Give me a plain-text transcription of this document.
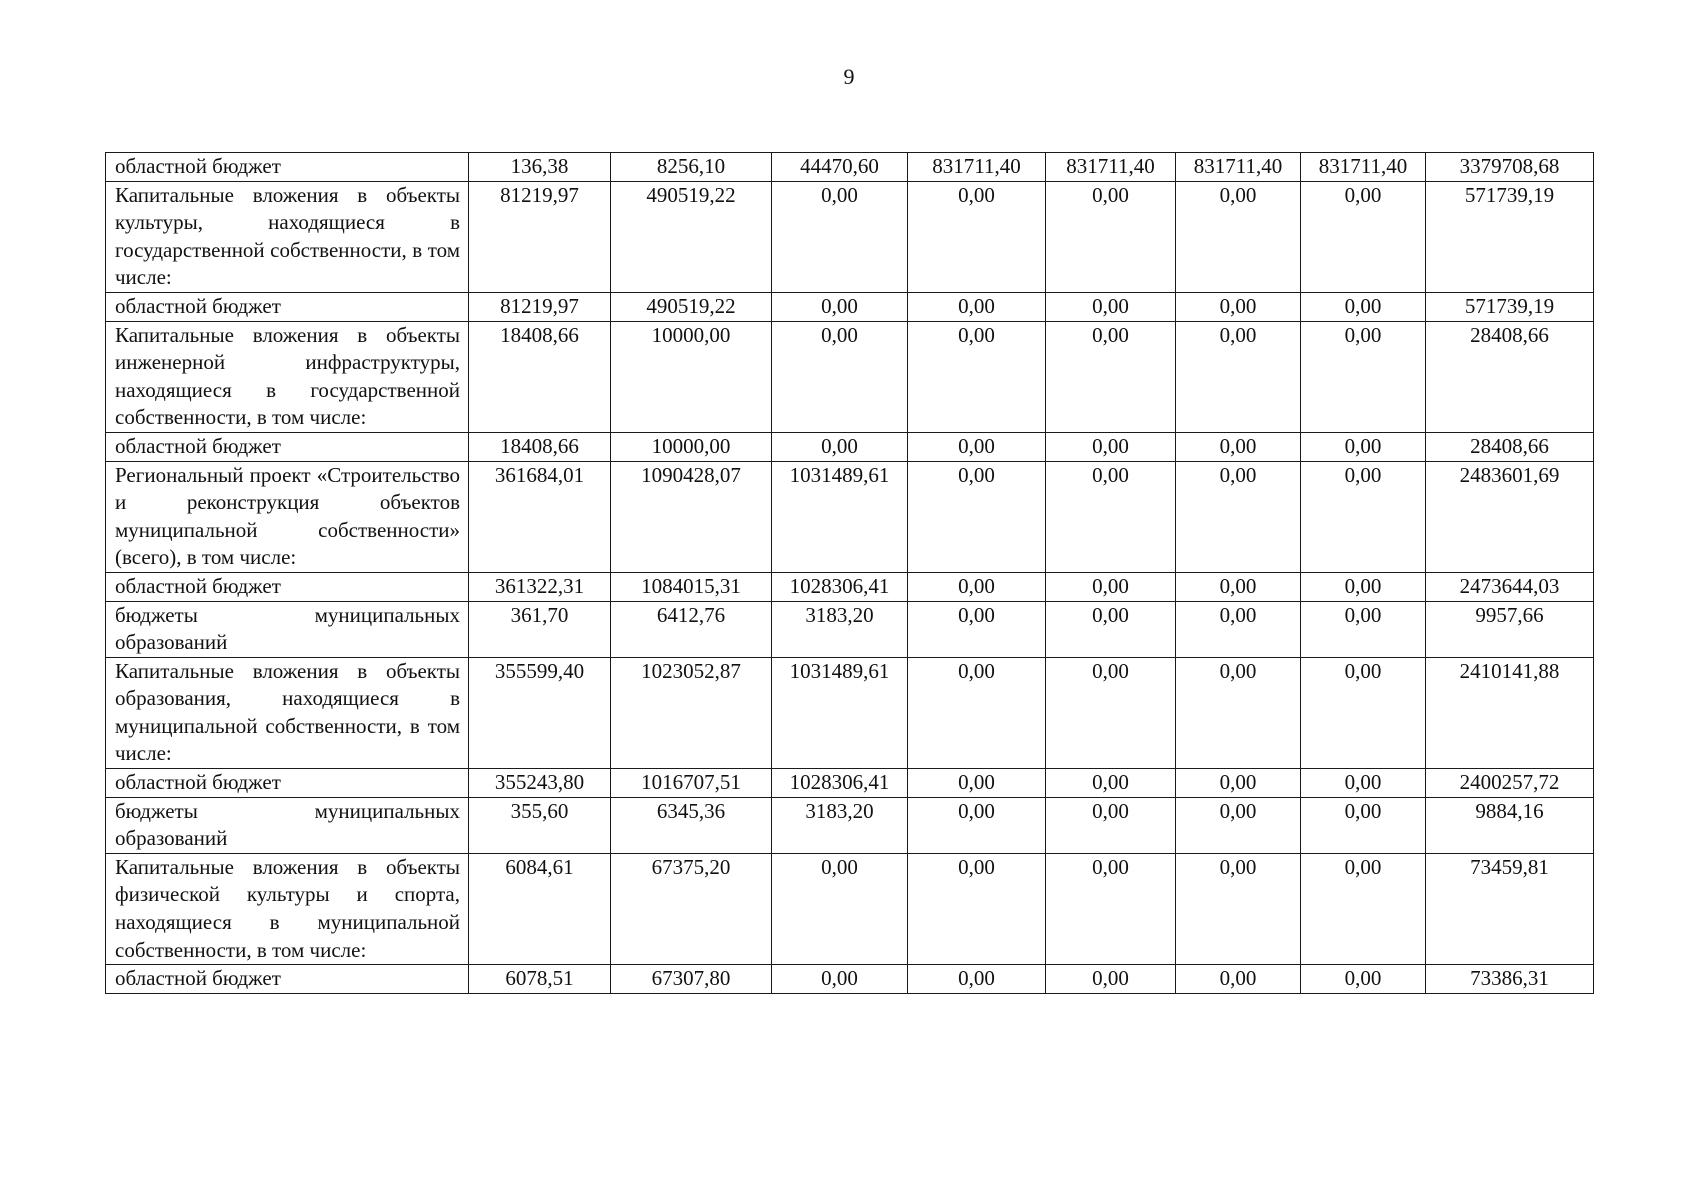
9
областной бюджет	136,38	8256,10	44470,60	831711,40	831711,40	831711,40	831711,40	3379708,68
Капитальные вложения в объекты культуры, находящиеся в государственной собственности, в том числе:	81219,97	490519,22	0,00	0,00	0,00	0,00	0,00	571739,19
областной бюджет	81219,97	490519,22	0,00	0,00	0,00	0,00	0,00	571739,19
Капитальные вложения в объекты инженерной инфраструктуры, находящиеся в государственной собственности, в том числе:	18408,66	10000,00	0,00	0,00	0,00	0,00	0,00	28408,66
областной бюджет	18408,66	10000,00	0,00	0,00	0,00	0,00	0,00	28408,66
Региональный проект «Строительство и реконструкция объектов муниципальной собственности» (всего), в том числе:	361684,01	1090428,07	1031489,61	0,00	0,00	0,00	0,00	2483601,69
областной бюджет	361322,31	1084015,31	1028306,41	0,00	0,00	0,00	0,00	2473644,03
бюджеты муниципальных образований	361,70	6412,76	3183,20	0,00	0,00	0,00	0,00	9957,66
Капитальные вложения в объекты образования, находящиеся в муниципальной собственности, в том числе:	355599,40	1023052,87	1031489,61	0,00	0,00	0,00	0,00	2410141,88
областной бюджет	355243,80	1016707,51	1028306,41	0,00	0,00	0,00	0,00	2400257,72
бюджеты муниципальных образований	355,60	6345,36	3183,20	0,00	0,00	0,00	0,00	9884,16
Капитальные вложения в объекты физической культуры и спорта, находящиеся в муниципальной собственности, в том числе:	6084,61	67375,20	0,00	0,00	0,00	0,00	0,00	73459,81
областной бюджет	6078,51	67307,80	0,00	0,00	0,00	0,00	0,00	73386,31
